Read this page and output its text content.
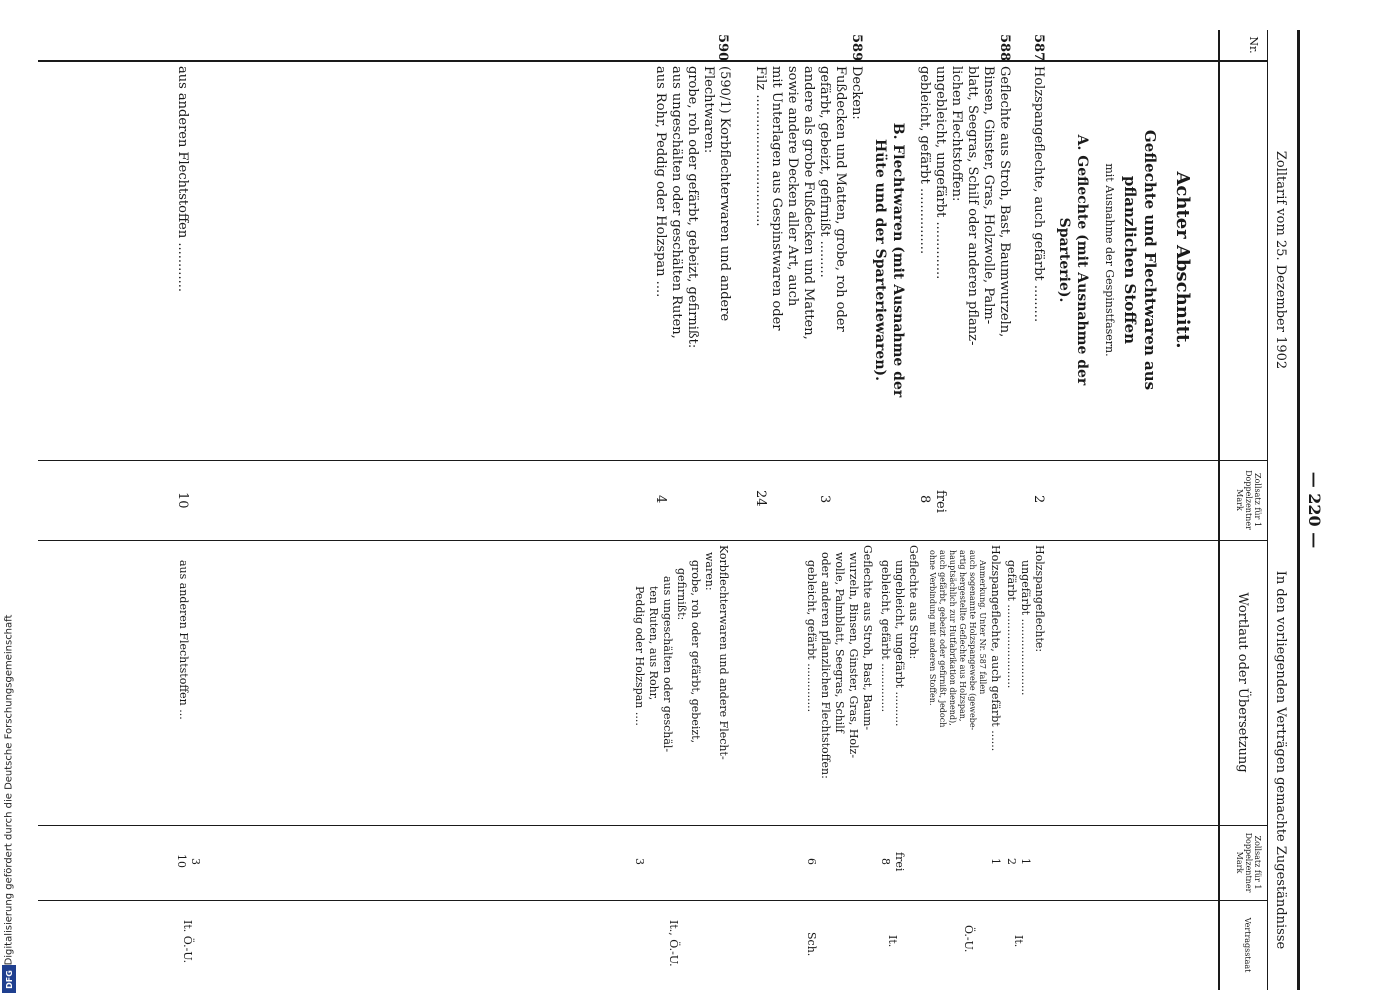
Digitalisierung gefördert durch die Deutsche Forschungsgemeinschaft
DFG
— 220 —
Zolltarif vom 25. Dezember 1902
In den vorliegenden Verträgen gemachte Zugeständnisse
Nr.
Zollsatz für 1 Doppelzentner Mark
Wortlaut oder Übersetzung
Zollsatz für 1 Doppelzentner Mark
Vertragsstaat
Achter Abschnitt.
Geflechte und Flechtwaren aus
pflanzlichen Stoffen
mit Ausnahme der Gespinstfasern.
A. Geflechte (mit Ausnahme der
Sparterie).
587
Holzspangeflechte, auch gefärbt .........
2
588
Geflechte aus Stroh, Bast, Baumwurzeln,
Binsen, Ginster, Gras, Holzwolle, Palm-
blatt, Seegras, Schilf oder anderen pflanz-
lichen Flechtstoffen:
ungebleicht, ungefärbt ..............
gebleicht, gefärbt ................
frei
8
B. Flechtwaren (mit Ausnahme der
Hüte und der Sparteriewaren).
589
Decken:
Fußdecken und Matten, grobe, roh oder
gefärbt, gebeizt, gefirnißt .........
andere als grobe Fußdecken und Matten,
sowie andere Decken aller Art, auch
mit Unterlagen aus Gespinstwaren oder
Filz ................................
3
24
590
(590/1) Korbflechterwaren und andere
Flechtwaren:
grobe, roh oder gefärbt, gebeizt, gefirnißt:
aus ungeschälten oder geschälten Ruten,
aus Rohr, Peddig oder Holzspan ....
4
aus anderen Flechtstoffen ............
10
Holzspangeflechte:
ungefärbt ......................
1
gefärbt ........................
2
It.
Holzspangeflechte, auch gefärbt ......
1
Anmerkung. Unter Nr. 587 fallen
auch sogenannte Holzspangewebe (gewebe-
artig hergestellte Geflechte aus Holzspan,
hauptsächlich zur Hutfabrikation dienend),
auch gefärbt, gebeizt oder gefirnißt, jedoch
ohne Verbindung mit anderen Stoffen.
Ö.-U.
Geflechte aus Stroh:
ungebleicht, ungefärbt ..........
frei
gebleicht, gefärbt ..............
8
It.
Geflechte aus Stroh, Bast, Baum-
wurzeln, Binsen, Ginster, Gras, Holz-
wolle, Palmblatt, Seegras, Schilf
oder anderen pflanzlichen Flechtstoffen:
gebleicht, gefärbt ..............
6
Sch.
Korbflechterwaren und andere Flecht-
waren:
grobe, roh oder gefärbt, gebeizt,
gefirnißt:
aus ungeschälten oder geschäl-
ten Ruten, aus Rohr,
Peddig oder Holzspan ....
3
It., Ö.-U.
aus anderen Flechtstoffen ...
3
10
It. Ö.-U.
